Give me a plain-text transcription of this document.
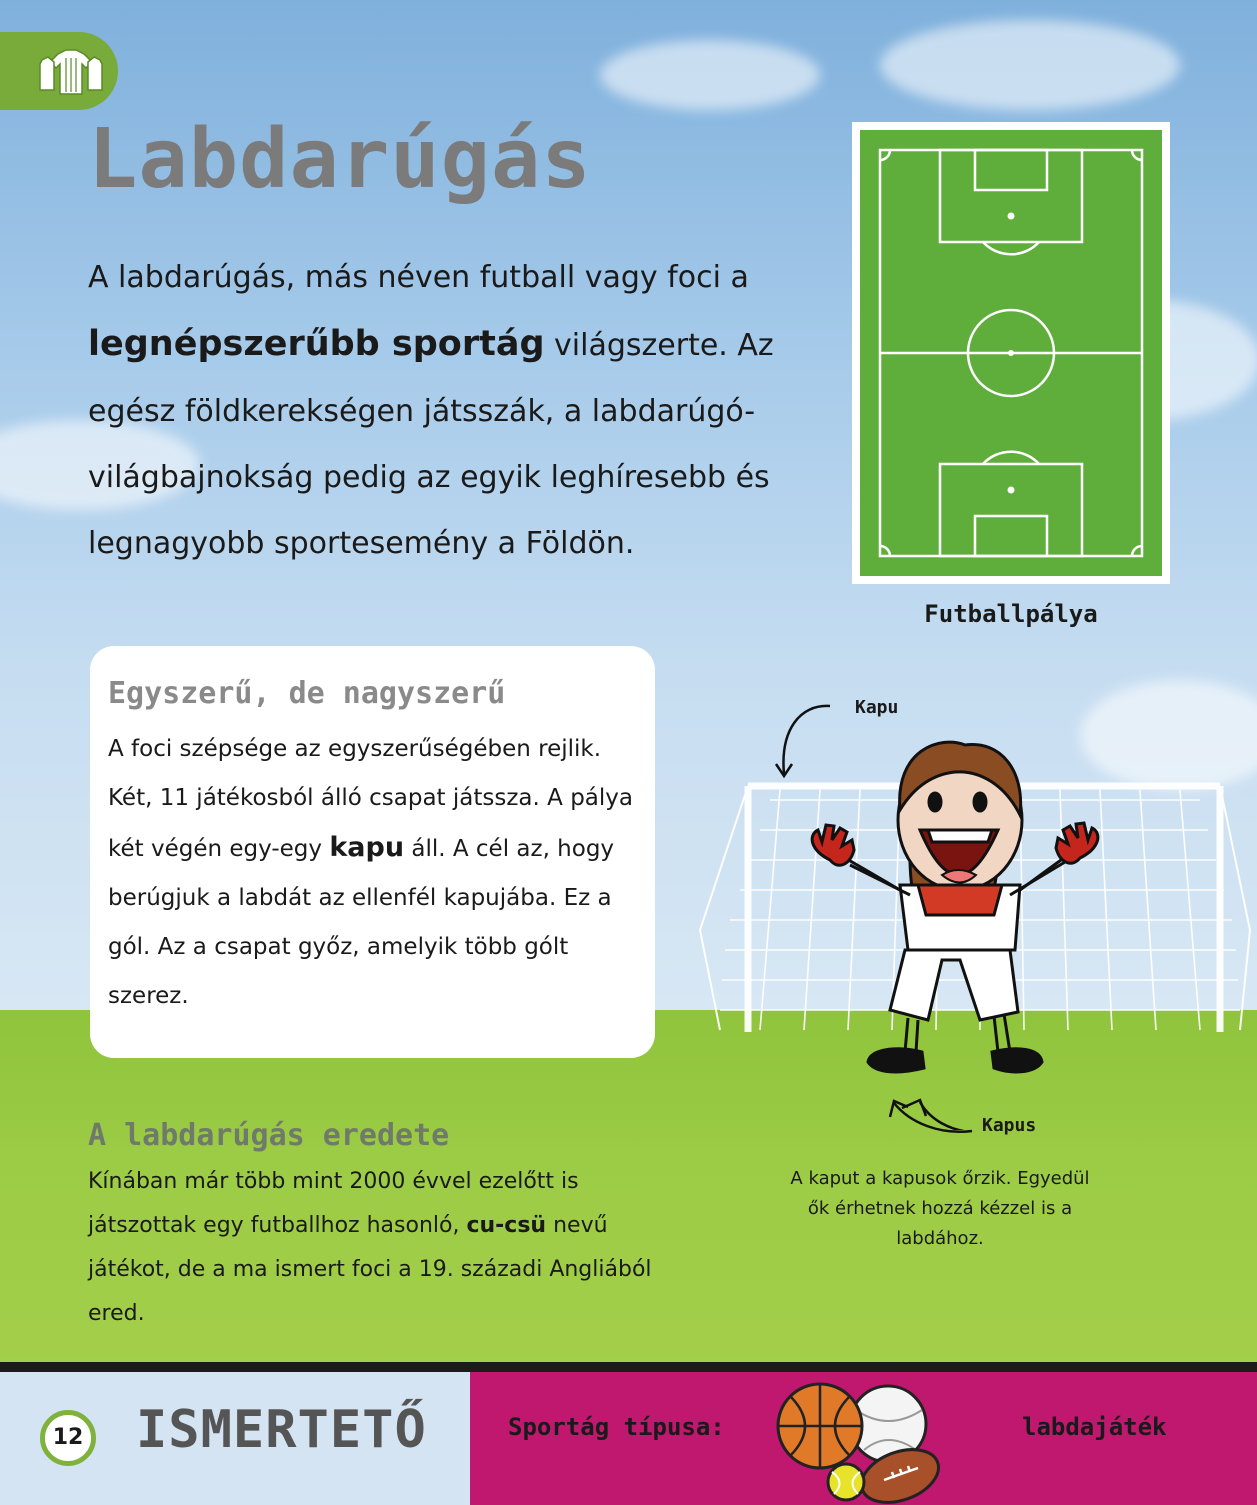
Labdarúgás

A labdarúgás, más néven futball vagy foci a legnépszerűbb sportág világszerte. Az egész földkerekségen játsszák, a labdarúgó-világbajnokság pedig az egyik leghíresebb és legnagyobb sportesemény a Földön.

Futballpálya
Egyszerű, de nagyszerű

A foci szépsége az egyszerűségében rejlik. Két, 11 játékosból álló csapat játssza. A pálya két végén egy-egy kapu áll. A cél az, hogy berúgjuk a labdát az ellenfél kapujába. Ez a gól. Az a csapat győz, amelyik több gólt szerez.

Kapu
Kapus

A kaput a kapusok őrzik. Egyedül ők érhetnek hozzá kézzel is a labdához.

A labdarúgás eredete

Kínában már több mint 2000 évvel ezelőtt is játszottak egy futballhoz hasonló, cu-csü nevű játékot, de a ma ismert foci a 19. századi Angliából ered.

12 ISMERTETŐ	Sportág típusa:	labdajáték
